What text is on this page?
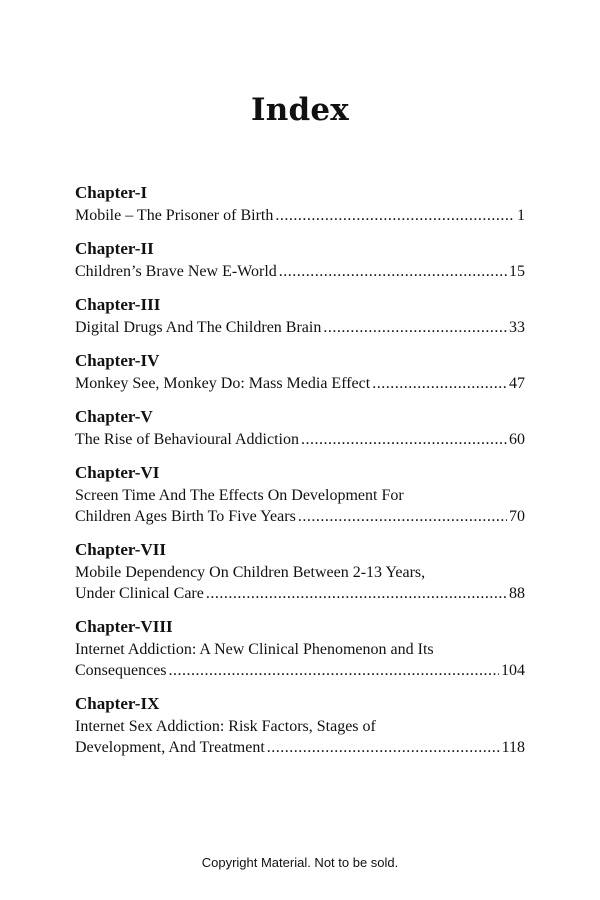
Index
Chapter-I
Mobile – The Prisoner of Birth .....	1
Chapter-II
Children’s Brave New E-World .....	15
Chapter-III
Digital Drugs And The Children Brain .....	33
Chapter-IV
Monkey See, Monkey Do: Mass Media Effect .....	47
Chapter-V
The Rise of Behavioural Addiction .....	60
Chapter-VI
Screen Time And The Effects On Development For
Children Ages Birth To Five Years .....	70
Chapter-VII
Mobile Dependency On Children Between 2-13 Years,
Under Clinical Care .....	88
Chapter-VIII
Internet Addiction: A New Clinical Phenomenon and Its
Consequences .....	104
Chapter-IX
Internet Sex Addiction: Risk Factors, Stages of
Development, And Treatment .....	118
Copyright Material. Not to be sold.
